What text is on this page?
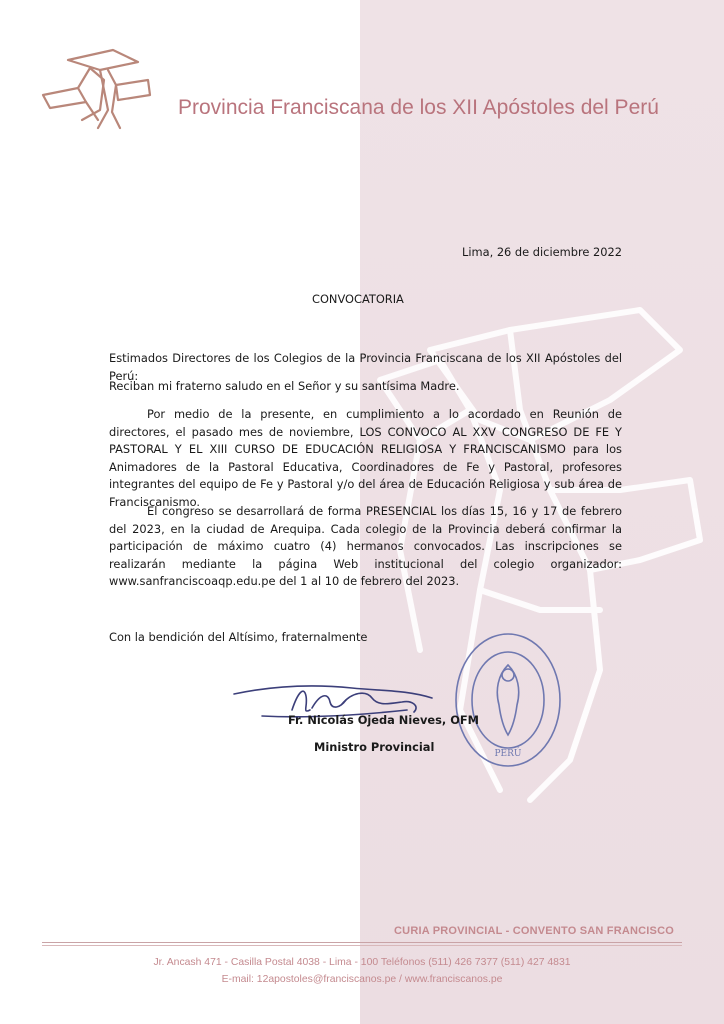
Provincia Franciscana de los XII Apóstoles del Perú
Lima, 26 de diciembre 2022
CONVOCATORIA

Estimados Directores de los Colegios de la Provincia Franciscana de los XII Apóstoles del Perú:

Reciban mi fraterno saludo en el Señor y su santísima Madre.

Por medio de la presente, en cumplimiento a lo acordado en Reunión de directores, el pasado mes de noviembre, LOS CONVOCO AL XXV CONGRESO DE FE Y PASTORAL Y EL XIII CURSO DE EDUCACIÓN RELIGIOSA Y FRANCISCANISMO para los Animadores de la Pastoral Educativa, Coordinadores de Fe y Pastoral, profesores integrantes del equipo de Fe y Pastoral y/o del área de Educación Religiosa y sub área de Franciscanismo.

El congreso se desarrollará de forma PRESENCIAL los días 15, 16 y 17 de febrero del 2023, en la ciudad de Arequipa. Cada colegio de la Provincia deberá confirmar la participación de máximo cuatro (4) hermanos convocados. Las inscripciones se realizarán mediante la página Web institucional del colegio organizador: www.sanfranciscoaqp.edu.pe del 1 al 10 de febrero del 2023.

Con la bendición del Altísimo, fraternalmente
PERÚ
Fr. Nicolás Ojeda Nieves, OFM
Ministro Provincial
CURIA PROVINCIAL - CONVENTO SAN FRANCISCO
Jr. Ancash 471 - Casilla Postal 4038 - Lima - 100 Teléfonos (511) 426 7377 (511) 427 4831
E-mail: 12apostoles@franciscanos.pe / www.franciscanos.pe
